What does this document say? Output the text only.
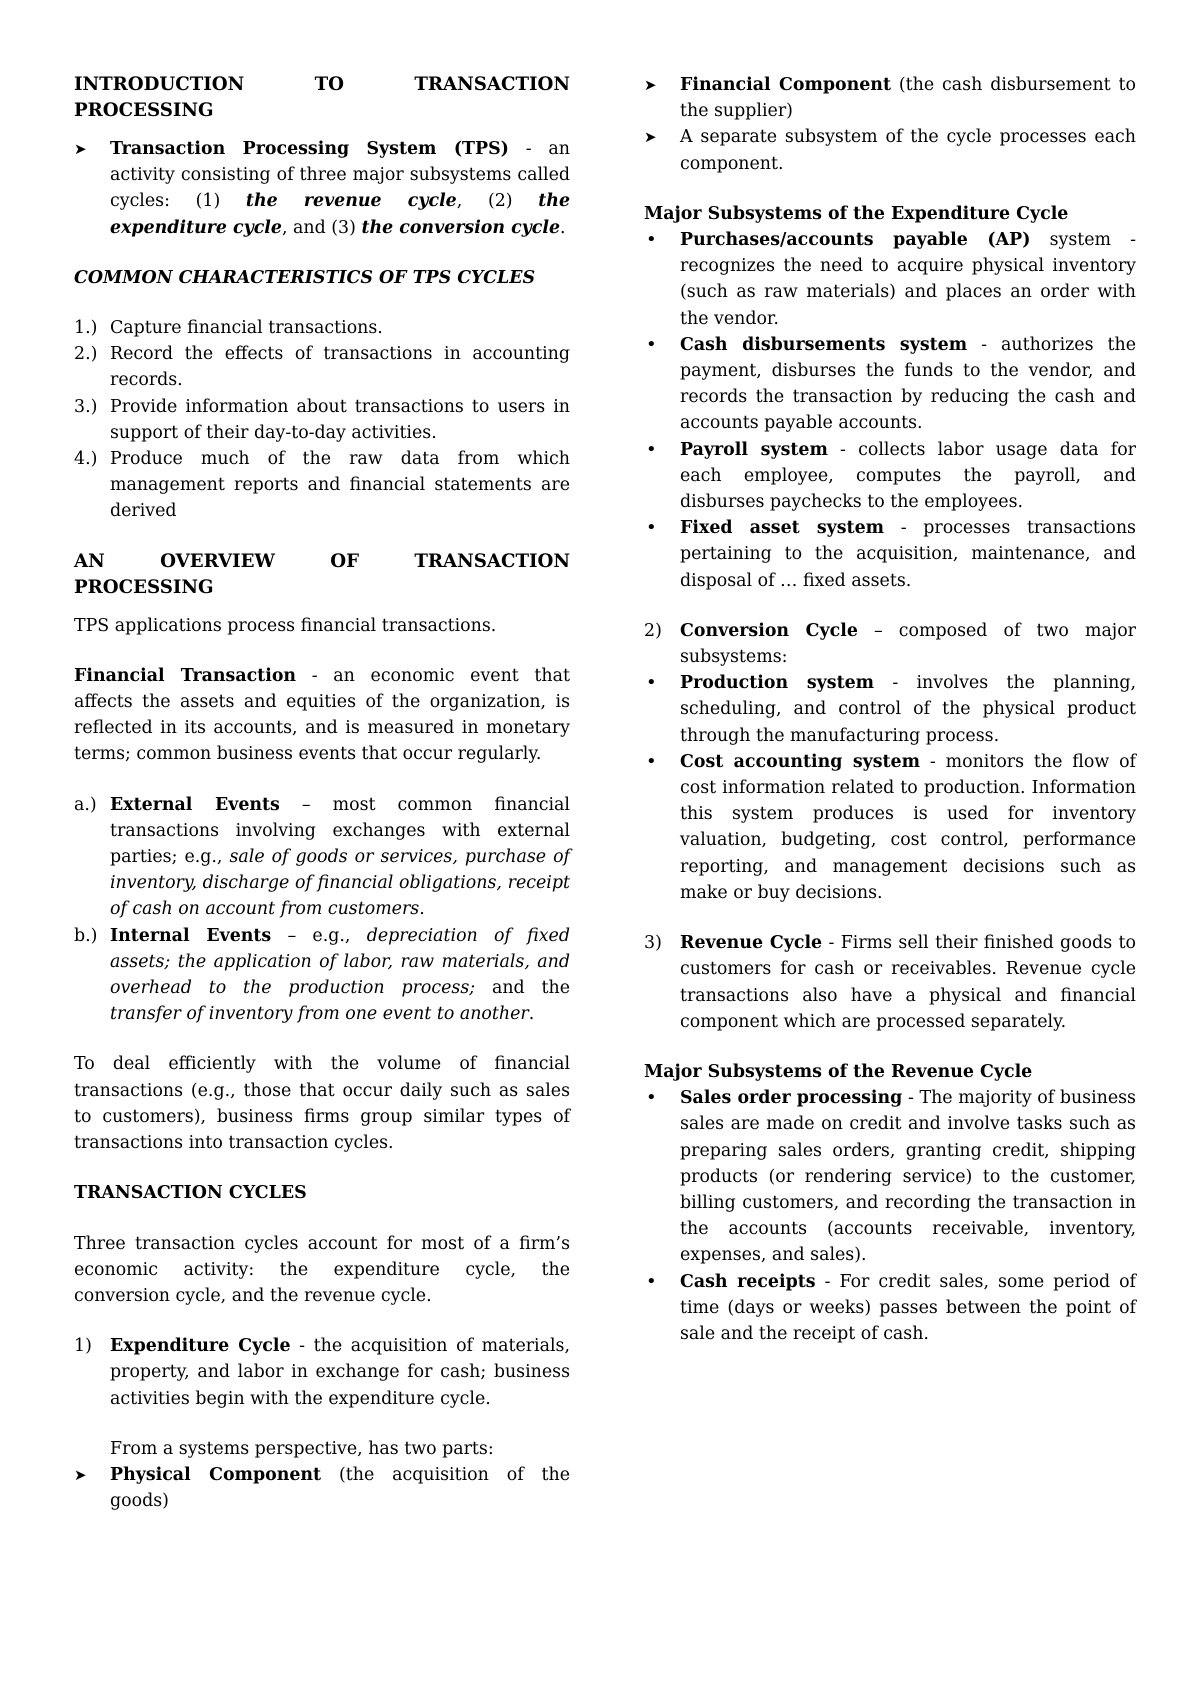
INTRODUCTION TO TRANSACTION
PROCESSING
➤ Transaction Processing System (TPS) - an activity consisting of three major subsystems called cycles: (1) the revenue cycle, (2) the expenditure cycle, and (3) the conversion cycle.
COMMON CHARACTERISTICS OF TPS CYCLES
1.) Capture financial transactions.
2.) Record the effects of transactions in accounting records.
3.) Provide information about transactions to users in support of their day-to-day activities.
4.) Produce much of the raw data from which management reports and financial statements are derived
AN OVERVIEW OF TRANSACTION
PROCESSING

TPS applications process financial transactions.

Financial Transaction - an economic event that affects the assets and equities of the organization, is reflected in its accounts, and is measured in monetary terms; common business events that occur regularly.

a.) External Events – most common financial transactions involving exchanges with external parties; e.g., sale of goods or services, purchase of inventory, discharge of financial obligations, receipt of cash on account from customers.
b.) Internal Events – e.g., depreciation of fixed assets; the application of labor, raw materials, and overhead to the production process; and the transfer of inventory from one event to another.

To deal efficiently with the volume of financial transactions (e.g., those that occur daily such as sales to customers), business firms group similar types of transactions into transaction cycles.

TRANSACTION CYCLES

Three transaction cycles account for most of a firm’s economic activity: the expenditure cycle, the conversion cycle, and the revenue cycle.

1) Expenditure Cycle - the acquisition of materials, property, and labor in exchange for cash; business activities begin with the expenditure cycle.
From a systems perspective, has two parts:
➤ Physical Component (the acquisition of the goods)
➤ Financial Component (the cash disbursement to the supplier)
➤ A separate subsystem of the cycle processes each component.
Major Subsystems of the Expenditure Cycle
• Purchases/accounts payable (AP) system - recognizes the need to acquire physical inventory (such as raw materials) and places an order with the vendor.
• Cash disbursements system - authorizes the payment, disburses the funds to the vendor, and records the transaction by reducing the cash and accounts payable accounts.
• Payroll system - collects labor usage data for each employee, computes the payroll, and disburses paychecks to the employees.
• Fixed asset system - processes transactions pertaining to the acquisition, maintenance, and disposal of … fixed assets.
2) Conversion Cycle – composed of two major subsystems:
• Production system - involves the planning, scheduling, and control of the physical product through the manufacturing process.
• Cost accounting system - monitors the flow of cost information related to production. Information this system produces is used for inventory valuation, budgeting, cost control, performance reporting, and management decisions such as make or buy decisions.
3) Revenue Cycle - Firms sell their finished goods to customers for cash or receivables. Revenue cycle transactions also have a physical and financial component which are processed separately.
Major Subsystems of the Revenue Cycle
• Sales order processing - The majority of business sales are made on credit and involve tasks such as preparing sales orders, granting credit, shipping products (or rendering service) to the customer, billing customers, and recording the transaction in the accounts (accounts receivable, inventory, expenses, and sales).
• Cash receipts - For credit sales, some period of time (days or weeks) passes between the point of sale and the receipt of cash.
